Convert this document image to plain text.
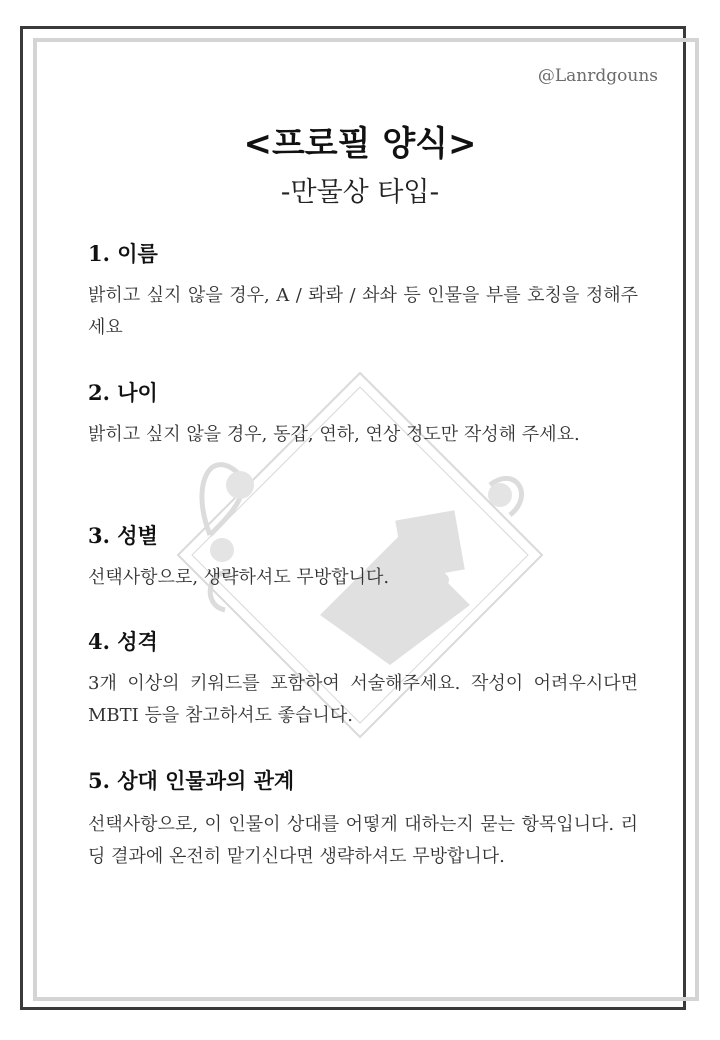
@Lanrdgouns
<프로필 양식>
-만물상 타입-
1. 이름

밝히고 싶지 않을 경우, A / 롸롸 / 솨솨 등 인물을 부를 호칭을 정해주세요

2. 나이

밝히고 싶지 않을 경우, 동갑, 연하, 연상 정도만 작성해 주세요.

3. 성별

선택사항으로, 생략하셔도 무방합니다.

4. 성격

3개 이상의 키워드를 포함하여 서술해주세요. 작성이 어려우시다면 MBTI 등을 참고하셔도 좋습니다.

5. 상대 인물과의 관계

선택사항으로, 이 인물이 상대를 어떻게 대하는지 묻는 항목입니다. 리딩 결과에 온전히 맡기신다면 생략하셔도 무방합니다.
